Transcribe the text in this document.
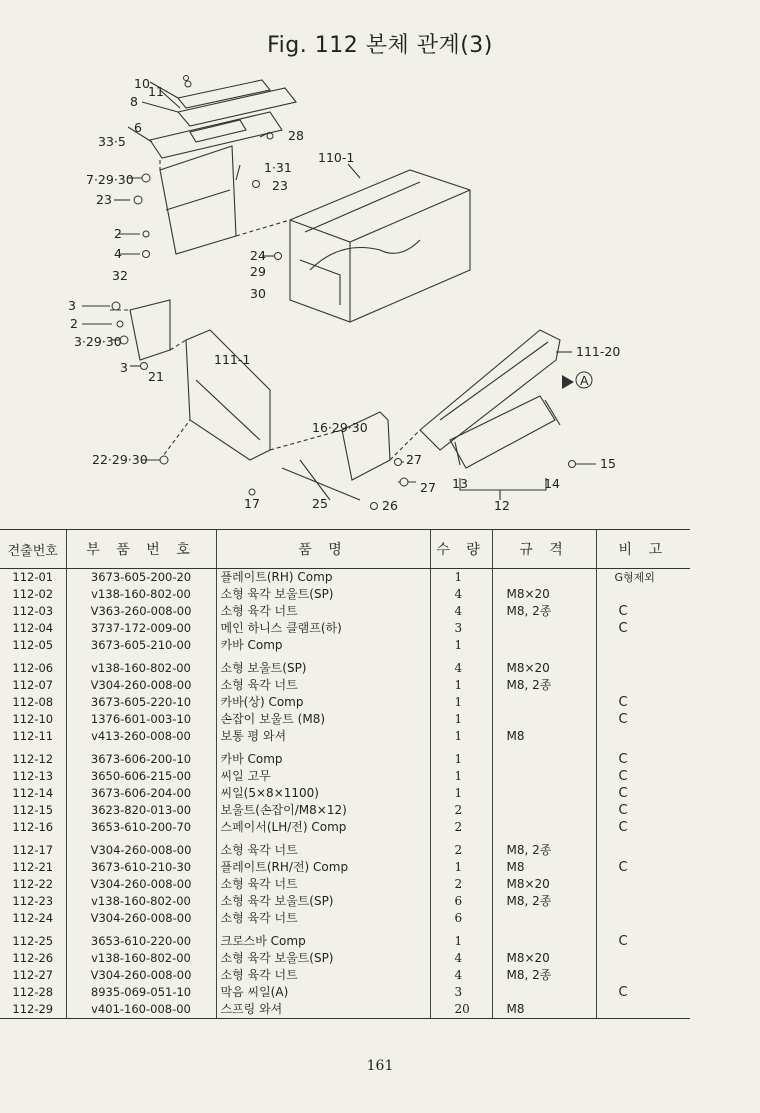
Fig. 112 본체 관계(3)
A
10
11
8
6
33·5	28
110-1
1·31
7·29·30
23
23
2
4
32
24
29
30
3
2
3·29·30
111-1
3
21
111-20
16·29·30
22·29·30	27
27
15
13	14
17	25	26	12
견출번호	부 품 번 호	품 명	수 량	규 격	비 고
112-01	3673-605-200-20	플레이트(RH) Comp	1		G형제외
112-02	v138-160-802-00	소형 육각 보울트(SP)	4	M8×20	
112-03	V363-260-008-00	소형 육각 너트	4	M8, 2종	C
112-04	3737-172-009-00	메인 하니스 클램프(하)	3		C
112-05	3673-605-210-00	카바 Comp	1		
112-06	v138-160-802-00	소형 보울트(SP)	4	M8×20	
112-07	V304-260-008-00	소형 육각 너트	1	M8, 2종	
112-08	3673-605-220-10	카바(상) Comp	1		C
112-10	1376-601-003-10	손잡이 보울트 (M8)	1		C
112-11	v413-260-008-00	보통 평 와셔	1	M8	
112-12	3673-606-200-10	카바 Comp	1		C
112-13	3650-606-215-00	씨일 고무	1		C
112-14	3673-606-204-00	씨일(5×8×1100)	1		C
112-15	3623-820-013-00	보울트(손잡이/M8×12)	2		C
112-16	3653-610-200-70	스페이서(LH/전) Comp	2		C
112-17	V304-260-008-00	소형 육각 너트	2	M8, 2종	
112-21	3673-610-210-30	플레이트(RH/전) Comp	1	M8	C
112-22	V304-260-008-00	소형 육각 너트	2	M8×20	
112-23	v138-160-802-00	소형 육각 보울트(SP)	6	M8, 2종	
112-24	V304-260-008-00	소형 육각 너트	6		
112-25	3653-610-220-00	크로스바 Comp	1		C
112-26	v138-160-802-00	소형 육각 보울트(SP)	4	M8×20	
112-27	V304-260-008-00	소형 육각 너트	4	M8, 2종	
112-28	8935-069-051-10	막음 씨일(A)	3		C
112-29	v401-160-008-00	스프링 와셔	20	M8	
161
